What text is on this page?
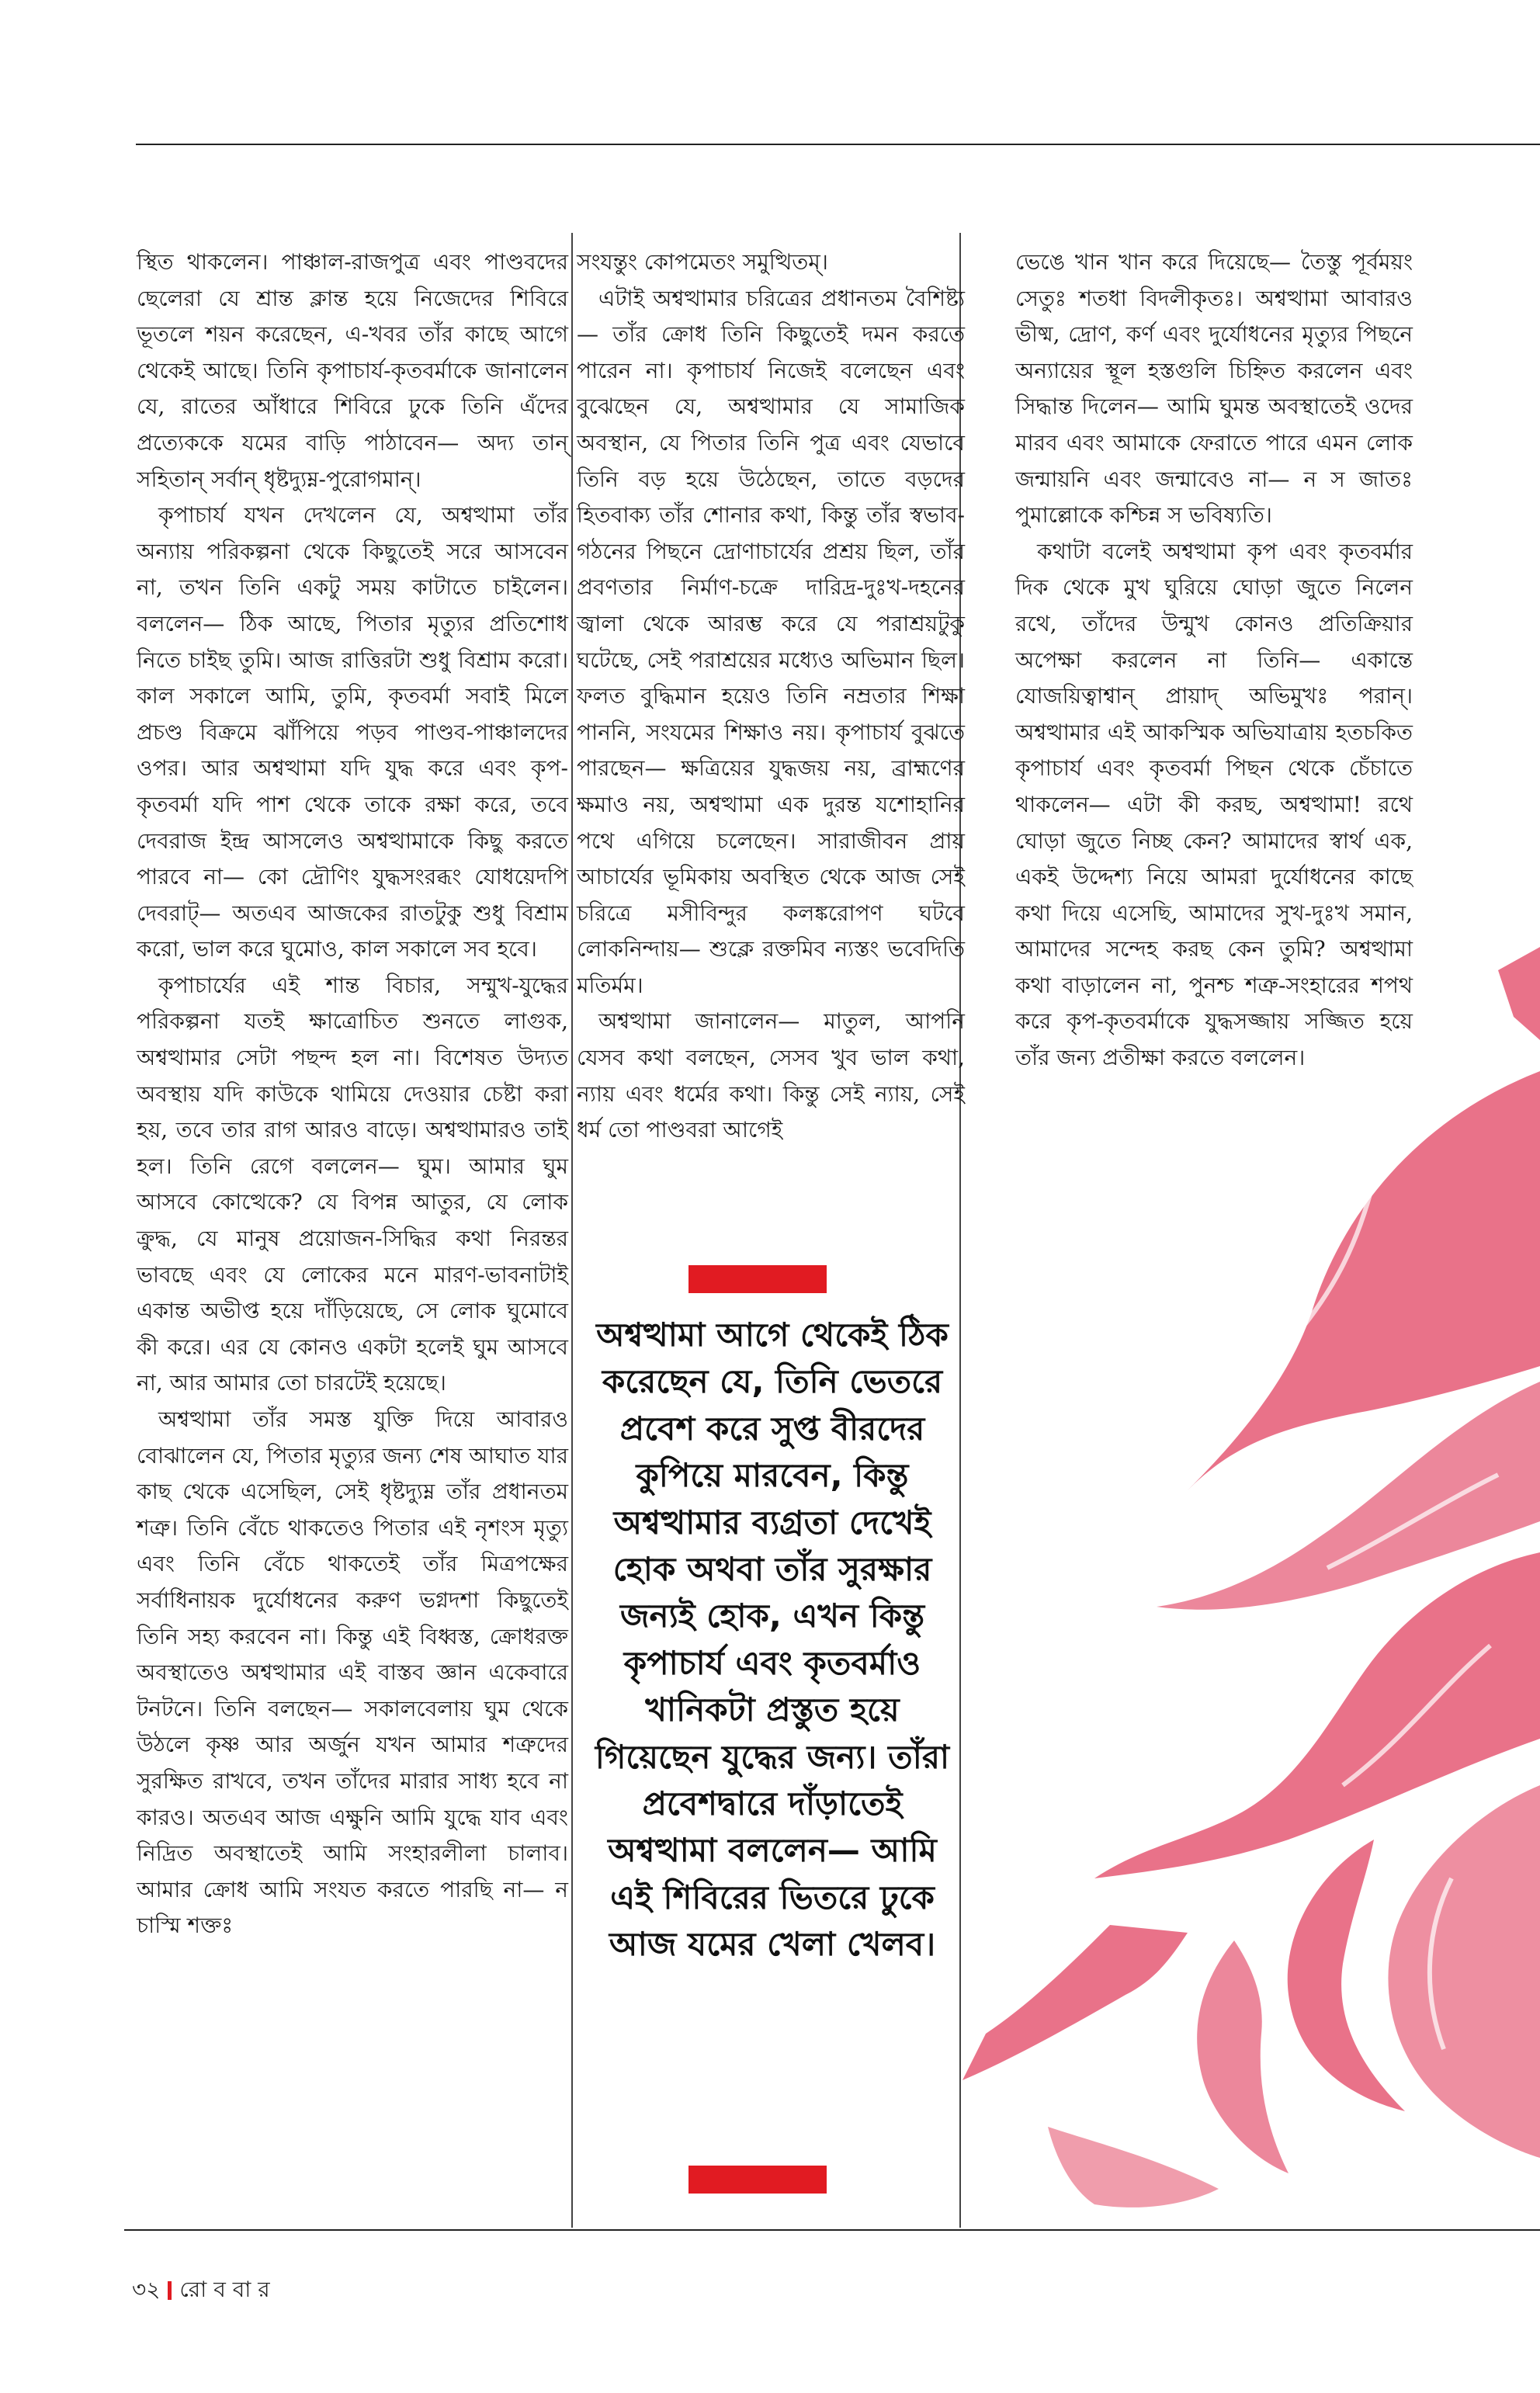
স্থিত থাকলেন। পাঞ্চাল-রাজপুত্র এবং পাণ্ডবদের ছেলেরা যে শ্রান্ত ক্লান্ত হয়ে নিজেদের শিবিরে ভূতলে শয়ন করেছেন, এ-খবর তাঁর কাছে আগে থেকেই আছে। তিনি কৃপাচার্য-কৃতবর্মাকে জানালেন যে, রাতের আঁধারে শিবিরে ঢুকে তিনি এঁদের প্রত্যেককে যমের বাড়ি পাঠাবেন— অদ্য তান্ সহিতান্ সর্বান্ ধৃষ্টদ্যুম্ন-পুরোগমান্।

কৃপাচার্য যখন দেখলেন যে, অশ্বত্থামা তাঁর অন্যায় পরিকল্পনা থেকে কিছুতেই সরে আসবেন না, তখন তিনি একটু সময় কাটাতে চাইলেন। বললেন— ঠিক আছে, পিতার মৃত্যুর প্রতিশোধ নিতে চাইছ তুমি। আজ রাত্তিরটা শুধু বিশ্রাম করো। কাল সকালে আমি, তুমি, কৃতবর্মা সবাই মিলে প্রচণ্ড বিক্রমে ঝাঁপিয়ে পড়ব পাণ্ডব-পাঞ্চালদের ওপর। আর অশ্বত্থামা যদি যুদ্ধ করে এবং কৃপ-কৃতবর্মা যদি পাশ থেকে তাকে রক্ষা করে, তবে দেবরাজ ইন্দ্র আসলেও অশ্বত্থামাকে কিছু করতে পারবে না— কো দ্রৌণিং যুদ্ধসংরব্ধং যোধয়েদপি দেবরাট্— অতএব আজকের রাতটুকু শুধু বিশ্রাম করো, ভাল করে ঘুমোও, কাল সকালে সব হবে।

কৃপাচার্যের এই শান্ত বিচার, সম্মুখ-যুদ্ধের পরিকল্পনা যতই ক্ষাত্রোচিত শুনতে লাগুক, অশ্বত্থামার সেটা পছন্দ হল না। বিশেষত উদ্যত অবস্থায় যদি কাউকে থামিয়ে দেওয়ার চেষ্টা করা হয়, তবে তার রাগ আরও বাড়ে। অশ্বত্থামারও তাই হল। তিনি রেগে বললেন— ঘুম। আমার ঘুম আসবে কোত্থেকে? যে বিপন্ন আতুর, যে লোক ক্রুদ্ধ, যে মানুষ প্রয়োজন-সিদ্ধির কথা নিরন্তর ভাবছে এবং যে লোকের মনে মারণ-ভাবনাটাই একান্ত অভীপ্ত হয়ে দাঁড়িয়েছে, সে লোক ঘুমোবে কী করে। এর যে কোনও একটা হলেই ঘুম আসবে না, আর আমার তো চারটেই হয়েছে।

অশ্বত্থামা তাঁর সমস্ত যুক্তি দিয়ে আবারও বোঝালেন যে, পিতার মৃত্যুর জন্য শেষ আঘাত যার কাছ থেকে এসেছিল, সেই ধৃষ্টদ্যুম্ন তাঁর প্রধানতম শত্রু। তিনি বেঁচে থাকতেও পিতার এই নৃশংস মৃত্যু এবং তিনি বেঁচে থাকতেই তাঁর মিত্রপক্ষের সর্বাধিনায়ক দুর্যোধনের করুণ ভগ্নদশা কিছুতেই তিনি সহ্য করবেন না। কিন্তু এই বিধ্বস্ত, ক্রোধরক্ত অবস্থাতেও অশ্বত্থামার এই বাস্তব জ্ঞান একেবারে টনটনে। তিনি বলছেন— সকালবেলায় ঘুম থেকে উঠলে কৃষ্ণ আর অর্জুন যখন আমার শত্রুদের সুরক্ষিত রাখবে, তখন তাঁদের মারার সাধ্য হবে না কারও। অতএব আজ এক্ষুনি আমি যুদ্ধে যাব এবং নিদ্রিত অবস্থাতেই আমি সংহারলীলা চালাব। আমার ক্রোধ আমি সংযত করতে পারছি না— ন চাস্মি শক্তঃ

সংযন্তুং কোপমেতং সমুত্থিতম্।

এটাই অশ্বত্থামার চরিত্রের প্রধানতম বৈশিষ্ট্য— তাঁর ক্রোধ তিনি কিছুতেই দমন করতে পারেন না। কৃপাচার্য নিজেই বলেছেন এবং বুঝেছেন যে, অশ্বত্থামার যে সামাজিক অবস্থান, যে পিতার তিনি পুত্র এবং যেভাবে তিনি বড় হয়ে উঠেছেন, তাতে বড়দের হিতবাক্য তাঁর শোনার কথা, কিন্তু তাঁর স্বভাব-গঠনের পিছনে দ্রোণাচার্যের প্রশ্রয় ছিল, তাঁর প্রবণতার নির্মাণ-চক্রে দারিদ্র-দুঃখ-দহনের জ্বালা থেকে আরম্ভ করে যে পরাশ্রয়টুকু ঘটেছে, সেই পরাশ্রয়ের মধ্যেও অভিমান ছিল। ফলত বুদ্ধিমান হয়েও তিনি নম্রতার শিক্ষা পাননি, সংযমের শিক্ষাও নয়। কৃপাচার্য বুঝতে পারছেন— ক্ষত্রিয়ের যুদ্ধজয় নয়, ব্রাহ্মণের ক্ষমাও নয়, অশ্বত্থামা এক দুরন্ত যশোহানির পথে এগিয়ে চলেছেন। সারাজীবন প্রায় আচার্যের ভূমিকায় অবস্থিত থেকে আজ সেই চরিত্রে মসীবিন্দুর কলঙ্করোপণ ঘটবে লোকনিন্দায়— শুক্লে রক্তমিব ন্যস্তং ভবেদিতি মতির্মম।

অশ্বত্থামা জানালেন— মাতুল, আপনি যেসব কথা বলছেন, সেসব খুব ভাল কথা, ন্যায় এবং ধর্মের কথা। কিন্তু সেই ন্যায়, সেই ধর্ম তো পাণ্ডবরা আগেই

ভেঙে খান খান করে দিয়েছে— তৈস্তু পূর্বময়ং সেতুঃ শতধা বিদলীকৃতঃ। অশ্বত্থামা আবারও ভীষ্ম, দ্রোণ, কর্ণ এবং দুর্যোধনের মৃত্যুর পিছনে অন্যায়ের স্থূল হস্তগুলি চিহ্নিত করলেন এবং সিদ্ধান্ত দিলেন— আমি ঘুমন্ত অবস্থাতেই ওদের মারব এবং আমাকে ফেরাতে পারে এমন লোক জন্মায়নি এবং জন্মাবেও না— ন স জাতঃ পুমাল্লোকে কশ্চিন্ন স ভবিষ্যতি।

কথাটা বলেই অশ্বত্থামা কৃপ এবং কৃতবর্মার দিক থেকে মুখ ঘুরিয়ে ঘোড়া জুতে নিলেন রথে, তাঁদের উন্মুখ কোনও প্রতিক্রিয়ার অপেক্ষা করলেন না তিনি— একান্তে যোজয়িত্বাশ্বান্ প্রায়াদ্ অভিমুখঃ পরান্। অশ্বত্থামার এই আকস্মিক অভিযাত্রায় হতচকিত কৃপাচার্য এবং কৃতবর্মা পিছন থেকে চেঁচাতে থাকলেন— এটা কী করছ, অশ্বত্থামা! রথে ঘোড়া জুতে নিচ্ছ কেন? আমাদের স্বার্থ এক, একই উদ্দেশ্য নিয়ে আমরা দুর্যোধনের কাছে কথা দিয়ে এসেছি, আমাদের সুখ-দুঃখ সমান, আমাদের সন্দেহ করছ কেন তুমি? অশ্বত্থামা কথা বাড়ালেন না, পুনশ্চ শত্রু-সংহারের শপথ করে কৃপ-কৃতবর্মাকে যুদ্ধসজ্জায় সজ্জিত হয়ে তাঁর জন্য প্রতীক্ষা করতে বললেন।

অশ্বত্থামা আগে থেকেই ঠিক করেছেন যে, তিনি ভেতরে প্রবেশ করে সুপ্ত বীরদের কুপিয়ে মারবেন, কিন্তু অশ্বত্থামার ব্যগ্রতা দেখেই হোক অথবা তাঁর সুরক্ষার জন্যই হোক, এখন কিন্তু কৃপাচার্য এবং কৃতবর্মাও খানিকটা প্রস্তুত হয়ে গিয়েছেন যুদ্ধের জন্য। তাঁরা প্রবেশদ্বারে দাঁড়াতেই অশ্বত্থামা বললেন— আমি এই শিবিরের ভিতরে ঢুকে আজ যমের খেলা খেলব।
৩২ রো ব বা র
